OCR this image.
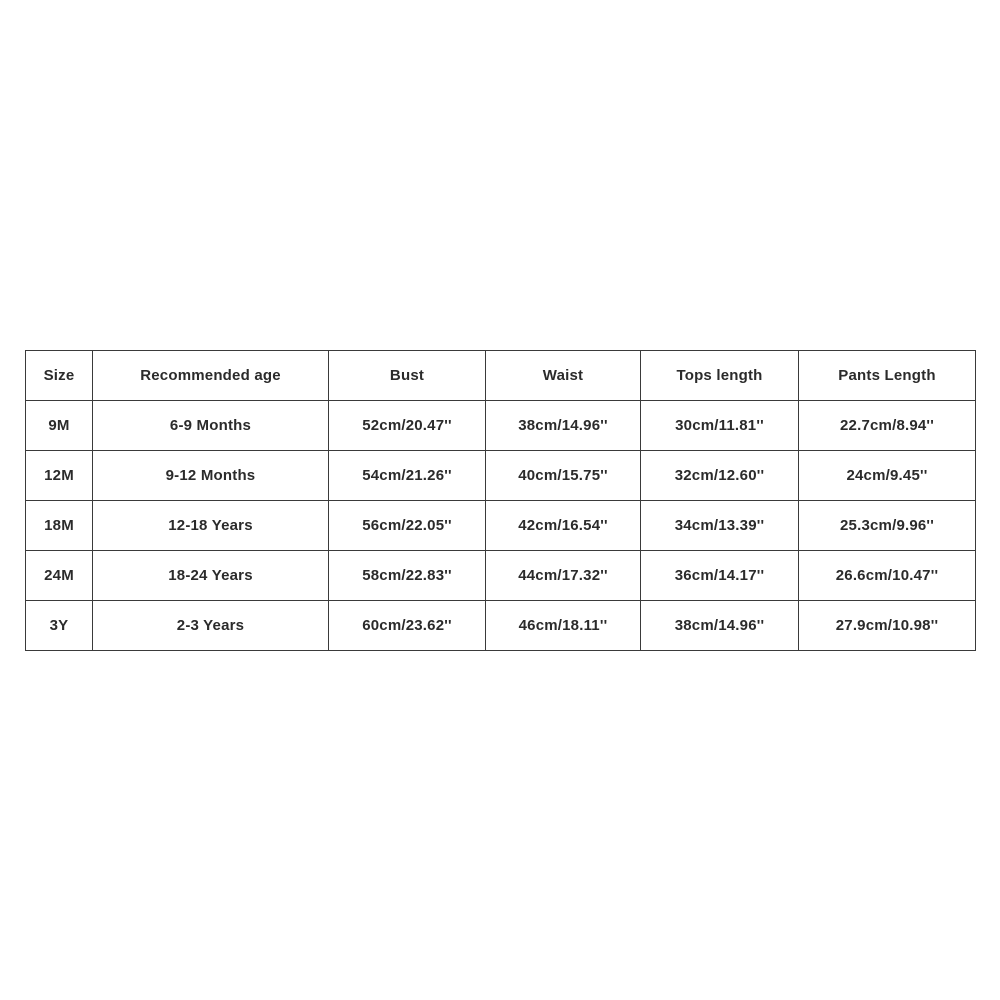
Size	Recommended age	Bust	Waist	Tops length	Pants Length
9M	6-9 Months	52cm/20.47''	38cm/14.96''	30cm/11.81''	22.7cm/8.94''
12M	9-12 Months	54cm/21.26''	40cm/15.75''	32cm/12.60''	24cm/9.45''
18M	12-18 Years	56cm/22.05''	42cm/16.54''	34cm/13.39''	25.3cm/9.96''
24M	18-24 Years	58cm/22.83''	44cm/17.32''	36cm/14.17''	26.6cm/10.47''
3Y	2-3 Years	60cm/23.62''	46cm/18.11''	38cm/14.96''	27.9cm/10.98''
